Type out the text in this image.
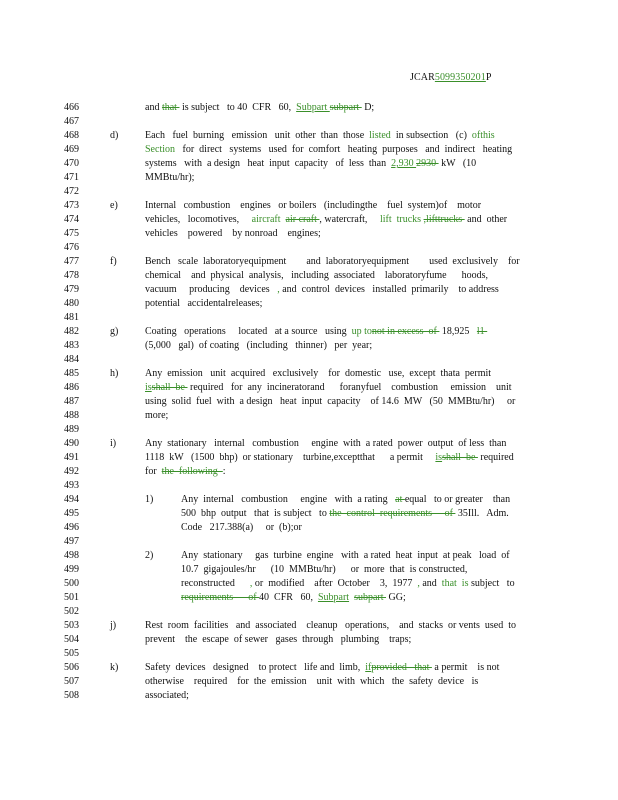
JCAR5099350201P
466
467
468
469
470
471
472
473
474
475
476
477
478
479
480
481
482
483
484
485
486
487
488
489
490
491
492
493
494
495
496
497
498
499
500
501
502
503
504
505
506
507
508
d)
e)
f)
g)
h)
i)
1)
2)
j)
k)
and that  is subject   to 40  CFR   60,  Subpart subpart  D;
Each   fuel  burning   emission   unit  other  than  those  listed  in subsection   (c)  ofthis
Section   for  direct   systems   used  for  comfort   heating  purposes   and  indirect   heating
systems   with  a design   heat  input  capacity   of  less  than  2,930 2930  kW   (10
MMBtu/hr);
Internal   combustion    engines   or boilers   (includingthe    fuel  system)of    motor
vehicles,   locomotives,     aircraft air craft , watercraft,     lift  trucks ,lifttrucks  and  other
vehicles    powered    by nonroad    engines;
Bench   scale  laboratoryequipment        and  laboratoryequipment        used  exclusively    for
chemical    and  physical  analysis,   including  associated    laboratoryfume      hoods,
vacuum     producing    devices   , and  control  devices   installed  primarily    to address
potential   accidentalreleases;
Coating   operations     located   at a source   using  up tonot in excess  of  18,925   l1
(5,000   gal)  of coating   (including   thinner)   per  year;
Any  emission   unit  acquired   exclusively    for  domestic   use,  except  thata  permit
isshall  be  required   for  any  incineratorand      foranyfuel    combustion     emission    unit
using  solid  fuel  with  a design   heat  input  capacity    of 14.6  MW   (50  MMBtu/hr)     or
more;
Any  stationary   internal   combustion     engine  with  a rated  power  output  of less  than
1118  kW   (1500  bhp)  or stationary    turbine,exceptthat      a permit     isshall  be  required
for  the  following  :
Any  internal   combustion     engine   with  a rating   at equal   to or greater    than
500  bhp  output   that  is subject   to the  control  requirements     of  35Ill.   Adm.
Code   217.388(a)     or  (b);or
Any  stationary     gas  turbine  engine   with  a rated  heat  input  at peak   load  of
10.7  gigajoules/hr      (10  MMBtu/hr)      or  more  that  is constructed,
reconstructed      , or  modified    after  October    3,  1977  , and  that  is subject   to
requirements      of 40  CFR   60,  Subpart subpart  GG;
Rest  room  facilities   and  associated    cleanup   operations,    and  stacks  or vents  used  to
prevent    the  escape  of sewer   gases  through   plumbing    traps;
Safety  devices   designed    to protect   life and  limb,  ifprovided   that  a permit    is not
otherwise    required    for  the  emission    unit  with  which   the  safety  device   is
associated;
